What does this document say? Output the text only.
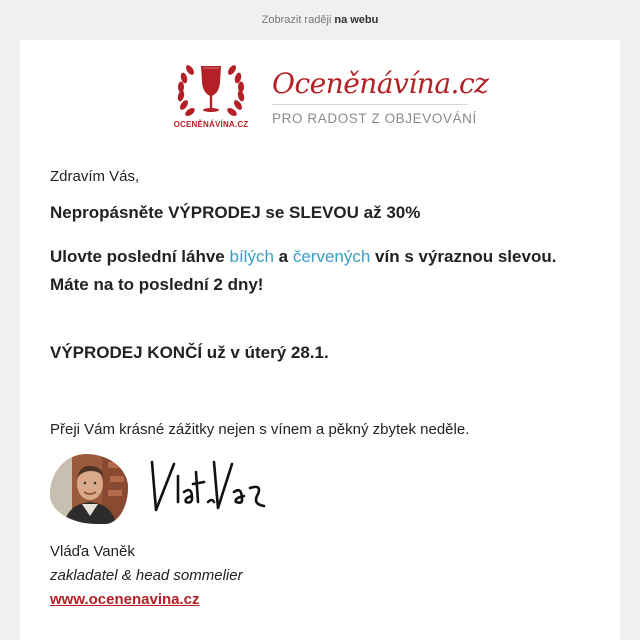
Zobrazit raději na webu
OCENĚNÁVÍNA.CZ
Oceněnávína.cz
PRO RADOST Z OBJEVOVÁNÍ
Zdravím Vás,
Nepropásněte VÝPRODEJ se SLEVOU až 30%
Ulovte poslední láhve bílých a červených vín s výraznou slevou.
Máte na to poslední 2 dny!
VÝPRODEJ KONČÍ už v úterý 28.1.
Přeji Vám krásné zážitky nejen s vínem a pěkný zbytek neděle.
Vláďa Vaněk
zakladatel & head sommelier
www.ocenenavina.cz
